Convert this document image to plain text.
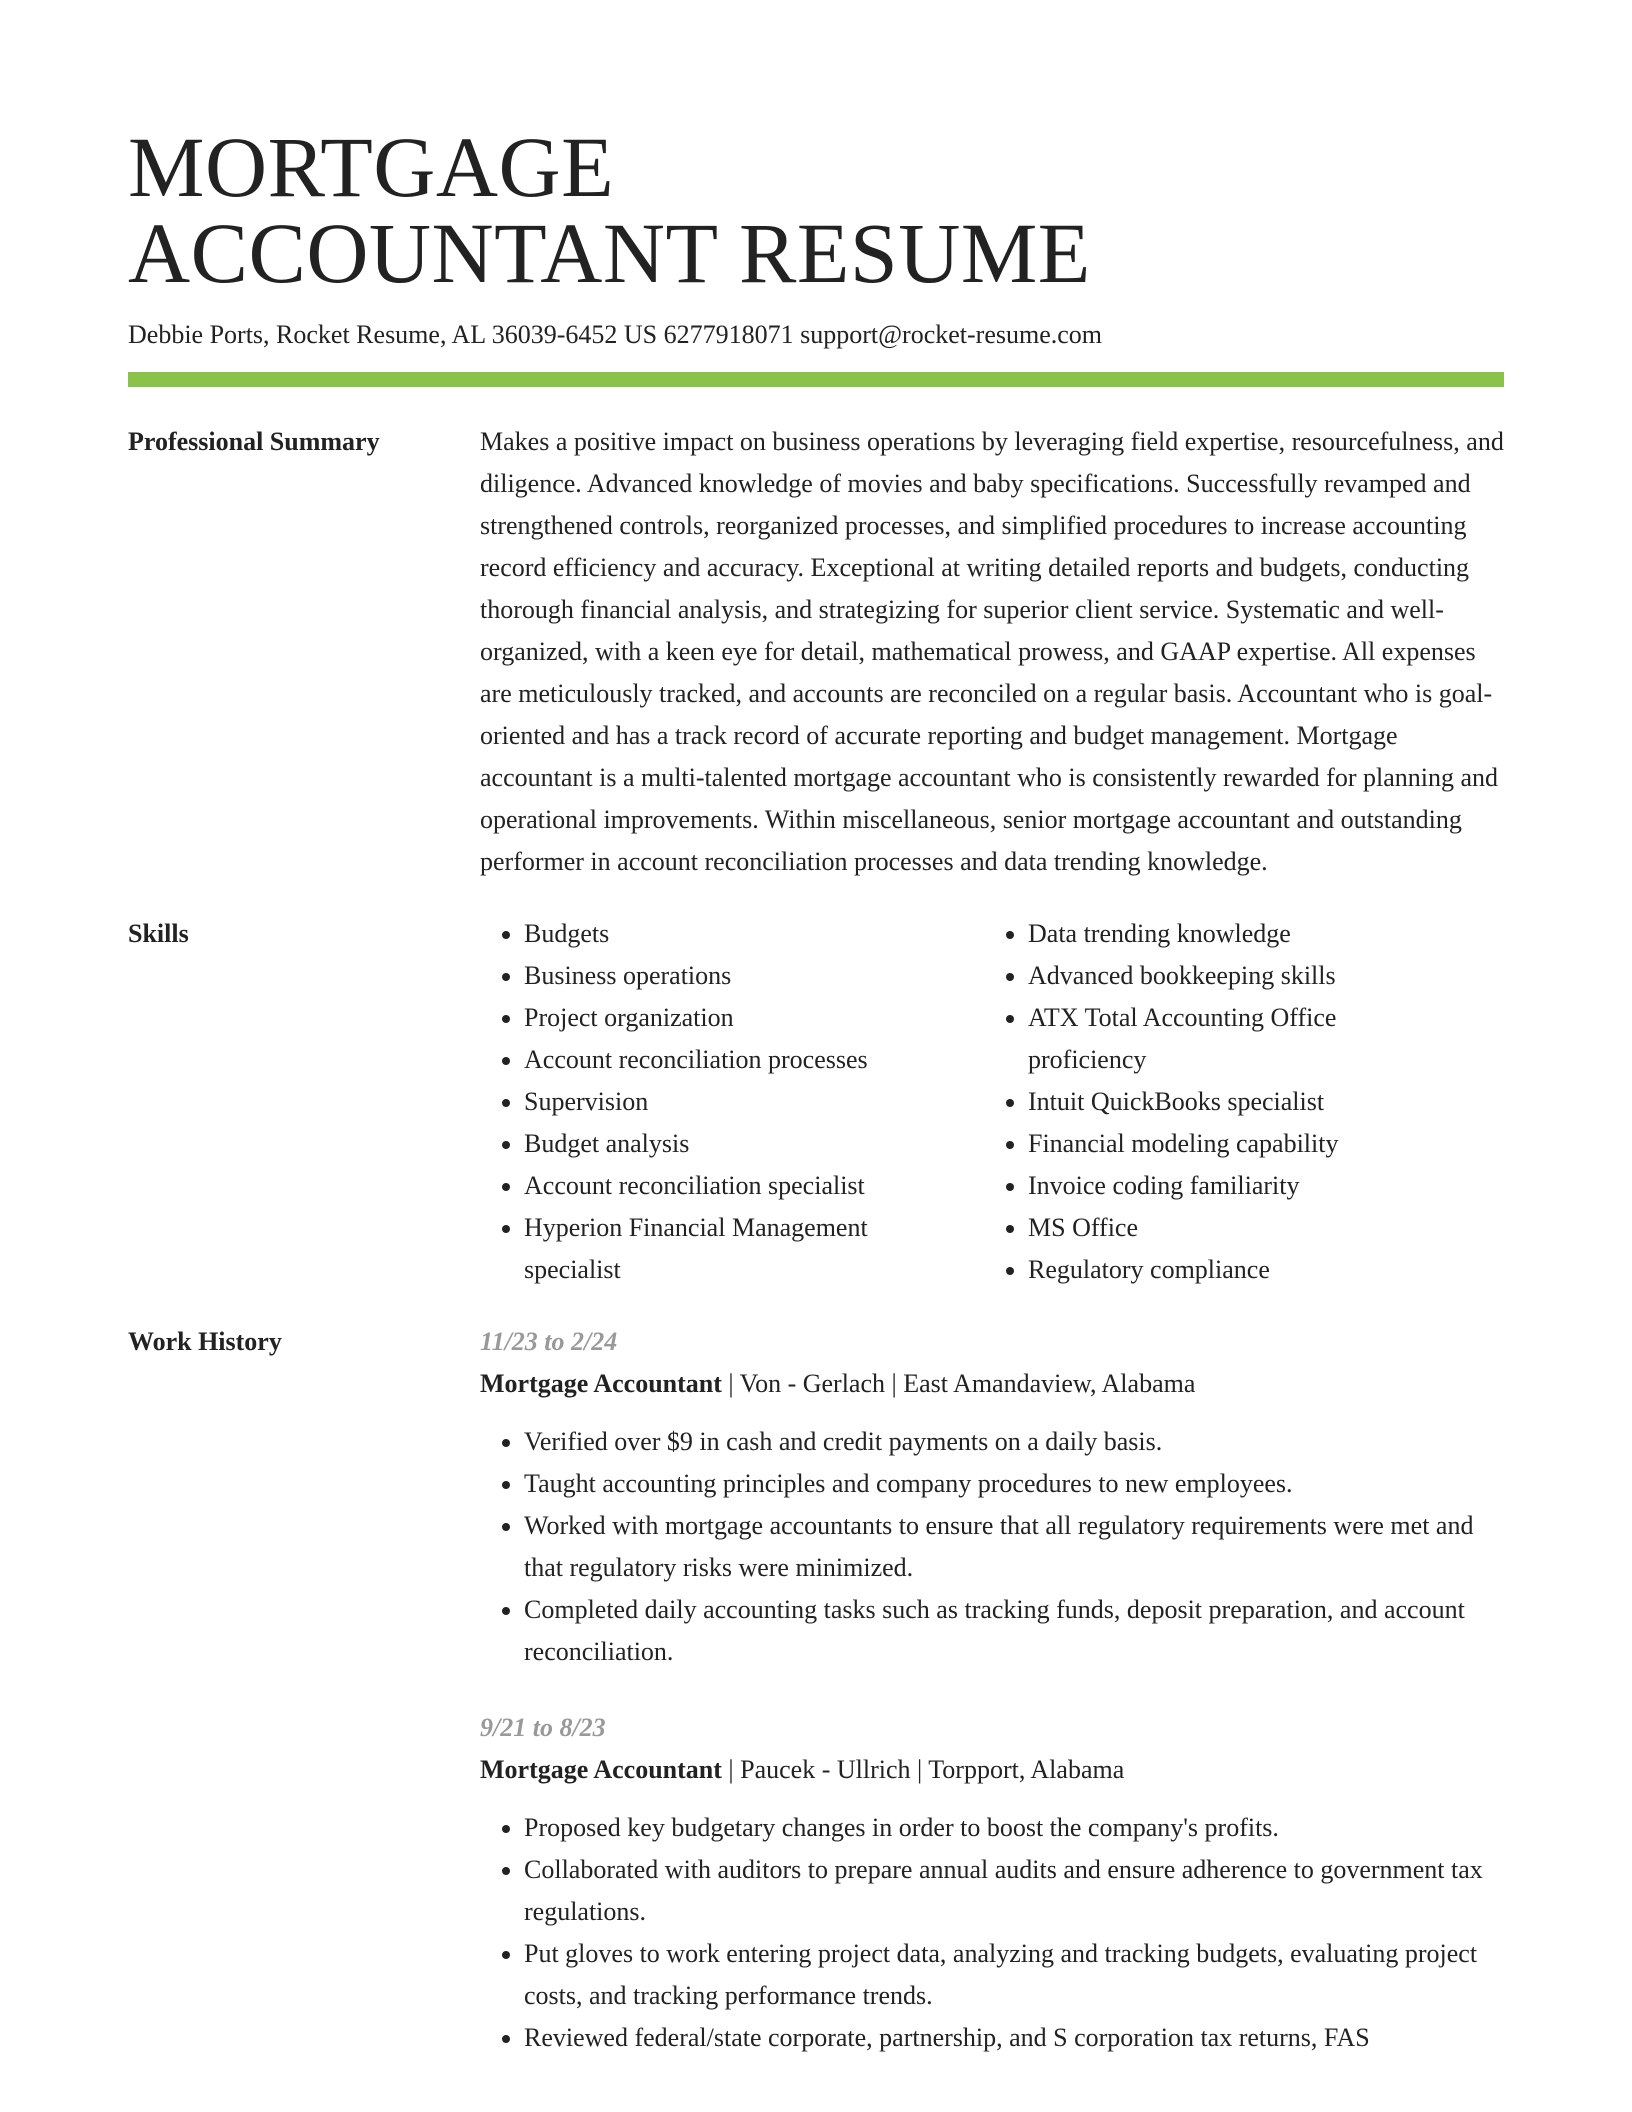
MORTGAGE
ACCOUNTANT RESUME
Debbie Ports, Rocket Resume, AL 36039-6452 US 6277918071 support@rocket-resume.com
Professional Summary	Makes a positive impact on business operations by leveraging field expertise, resourcefulness, and diligence. Advanced knowledge of movies and baby specifications. Successfully revamped and strengthened controls, reorganized processes, and simplified procedures to increase accounting record efficiency and accuracy. Exceptional at writing detailed reports and budgets, conducting thorough financial analysis, and strategizing for superior client service. Systematic and well-organized, with a keen eye for detail, mathematical prowess, and GAAP expertise. All expenses are meticulously tracked, and accounts are reconciled on a regular basis. Accountant who is goal-oriented and has a track record of accurate reporting and budget management. Mortgage accountant is a multi-talented mortgage accountant who is consistently rewarded for planning and operational improvements. Within miscellaneous, senior mortgage accountant and outstanding performer in account reconciliation processes and data trending knowledge.

Skills
•	Budgets
• Business operations
• Project organization
• Account reconciliation processes
• Supervision
• Budget analysis
• Account reconciliation specialist
• Hyperion Financial Management specialist
• Data trending knowledge
• Advanced bookkeeping skills
• ATX Total Accounting Office proficiency
• Intuit QuickBooks specialist
• Financial modeling capability
• Invoice coding familiarity
• MS Office
• Regulatory compliance
Work History	11/23 to 2/24
Mortgage Accountant | Von - Gerlach | East Amandaview, Alabama
• Verified over $9 in cash and credit payments on a daily basis.
• Taught accounting principles and company procedures to new employees.
• Worked with mortgage accountants to ensure that all regulatory requirements were met and that regulatory risks were minimized.
• Completed daily accounting tasks such as tracking funds, deposit preparation, and account reconciliation.
9/21 to 8/23
Mortgage Accountant | Paucek - Ullrich | Torpport, Alabama
• Proposed key budgetary changes in order to boost the company's profits.
• Collaborated with auditors to prepare annual audits and ensure adherence to government tax regulations.
• Put gloves to work entering project data, analyzing and tracking budgets, evaluating project costs, and tracking performance trends.
• Reviewed federal/state corporate, partnership, and S corporation tax returns, FAS
